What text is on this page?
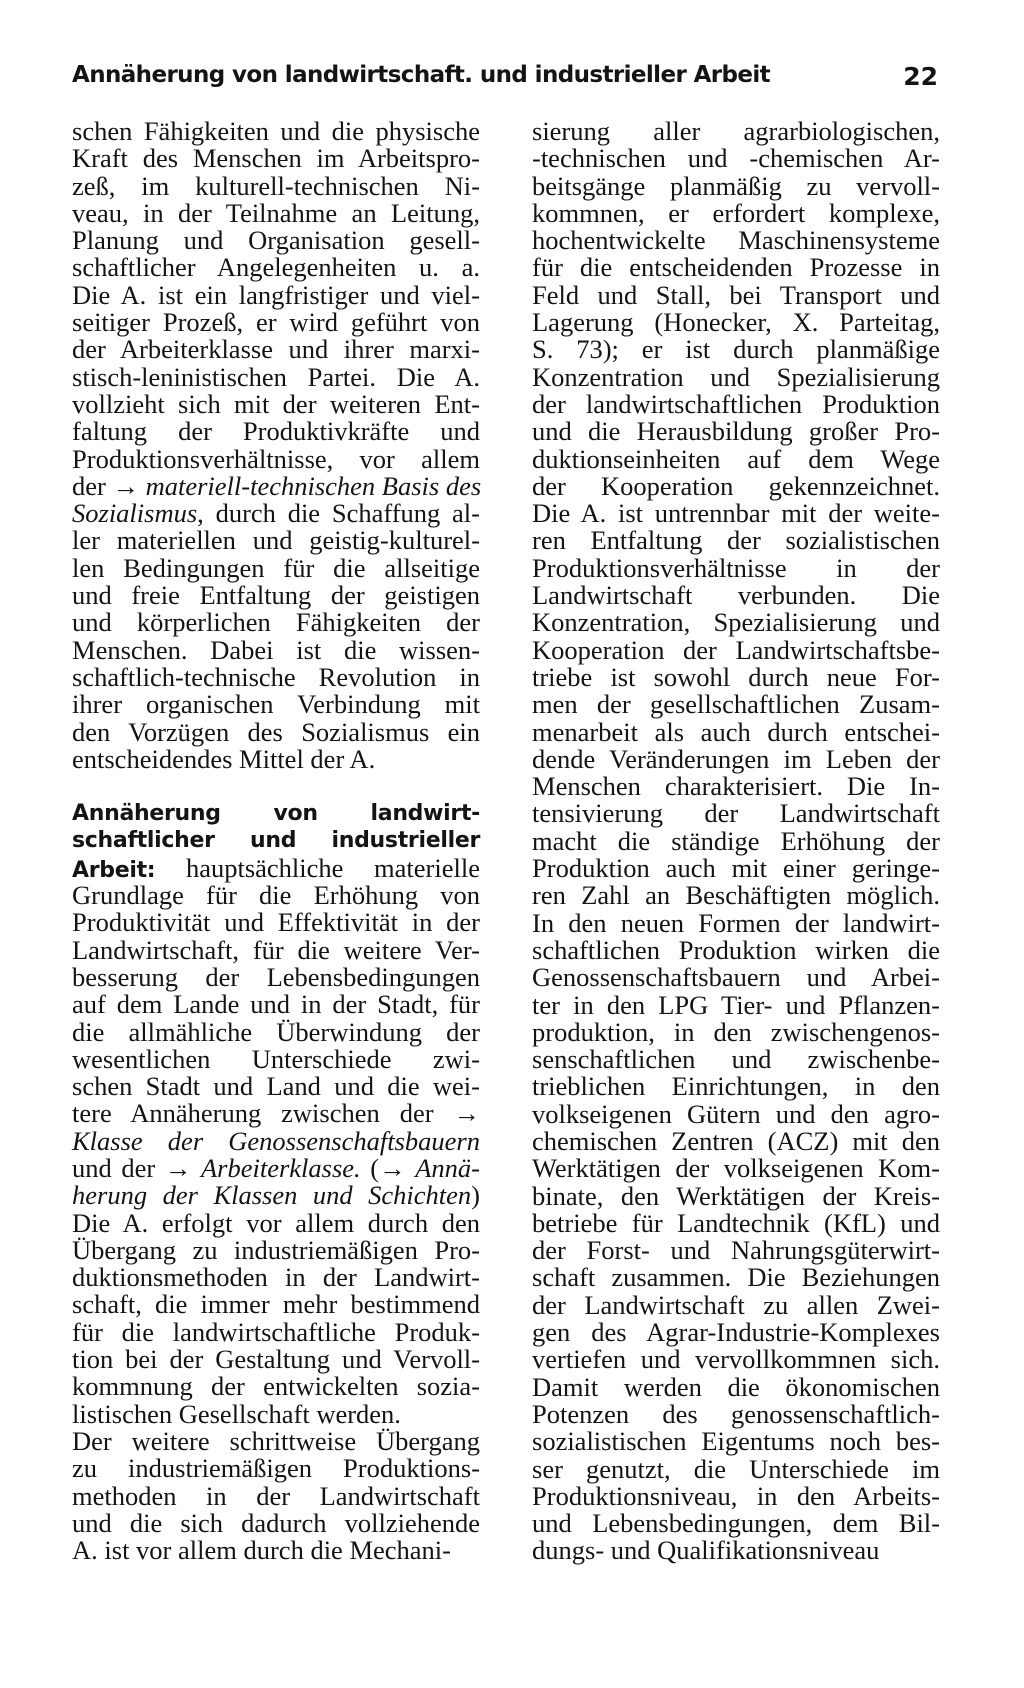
Annäherung von landwirtschaft. und industrieller Arbeit	22
schen Fähigkeiten und die physische
Kraft des Menschen im Arbeitspro-
zeß, im kulturell-technischen Ni-
veau, in der Teilnahme an Leitung,
Planung und Organisation gesell-
schaftlicher Angelegenheiten u. a.
Die A. ist ein langfristiger und viel-
seitiger Prozeß, er wird geführt von
der Arbeiterklasse und ihrer marxi-
stisch-leninistischen Partei. Die A.
vollzieht sich mit der weiteren Ent-
faltung der Produktivkräfte und
Produktionsverhältnisse, vor allem
der → materiell-technischen Basis des
Sozialismus, durch die Schaffung al-
ler materiellen und geistig-kulturel-
len Bedingungen für die allseitige
und freie Entfaltung der geistigen
und körperlichen Fähigkeiten der
Menschen. Dabei ist die wissen-
schaftlich-technische Revolution in
ihrer organischen Verbindung mit
den Vorzügen des Sozialismus ein
entscheidendes Mittel der A.
Annäherung von landwirt-
schaftlicher und industrieller
Arbeit: hauptsächliche materielle
Grundlage für die Erhöhung von
Produktivität und Effektivität in der
Landwirtschaft, für die weitere Ver-
besserung der Lebensbedingungen
auf dem Lande und in der Stadt, für
die allmähliche Überwindung der
wesentlichen Unterschiede zwi-
schen Stadt und Land und die wei-
tere Annäherung zwischen der →
Klasse der Genossenschaftsbauern
und der → Arbeiterklasse. (→ Annä-
herung der Klassen und Schichten)
Die A. erfolgt vor allem durch den
Übergang zu industriemäßigen Pro-
duktionsmethoden in der Landwirt-
schaft, die immer mehr bestimmend
für die landwirtschaftliche Produk-
tion bei der Gestaltung und Vervoll-
kommnung der entwickelten sozia-
listischen Gesellschaft werden.
Der weitere schrittweise Übergang
zu industriemäßigen Produktions-
methoden in der Landwirtschaft
und die sich dadurch vollziehende
A. ist vor allem durch die Mechani-
sierung aller agrarbiologischen,
-technischen und -chemischen Ar-
beitsgänge planmäßig zu vervoll-
kommnen, er erfordert komplexe,
hochentwickelte Maschinensysteme
für die entscheidenden Prozesse in
Feld und Stall, bei Transport und
Lagerung (Honecker, X. Parteitag,
S. 73); er ist durch planmäßige
Konzentration und Spezialisierung
der landwirtschaftlichen Produktion
und die Herausbildung großer Pro-
duktionseinheiten auf dem Wege
der Kooperation gekennzeichnet.
Die A. ist untrennbar mit der weite-
ren Entfaltung der sozialistischen
Produktionsverhältnisse in der
Landwirtschaft verbunden. Die
Konzentration, Spezialisierung und
Kooperation der Landwirtschaftsbe-
triebe ist sowohl durch neue For-
men der gesellschaftlichen Zusam-
menarbeit als auch durch entschei-
dende Veränderungen im Leben der
Menschen charakterisiert. Die In-
tensivierung der Landwirtschaft
macht die ständige Erhöhung der
Produktion auch mit einer geringe-
ren Zahl an Beschäftigten möglich.
In den neuen Formen der landwirt-
schaftlichen Produktion wirken die
Genossenschaftsbauern und Arbei-
ter in den LPG Tier- und Pflanzen-
produktion, in den zwischengenos-
senschaftlichen und zwischenbe-
trieblichen Einrichtungen, in den
volkseigenen Gütern und den agro-
chemischen Zentren (ACZ) mit den
Werktätigen der volkseigenen Kom-
binate, den Werktätigen der Kreis-
betriebe für Landtechnik (KfL) und
der Forst- und Nahrungsgüterwirt-
schaft zusammen. Die Beziehungen
der Landwirtschaft zu allen Zwei-
gen des Agrar-Industrie-Komplexes
vertiefen und vervollkommnen sich.
Damit werden die ökonomischen
Potenzen des genossenschaftlich-
sozialistischen Eigentums noch bes-
ser genutzt, die Unterschiede im
Produktionsniveau, in den Arbeits-
und Lebensbedingungen, dem Bil-
dungs- und Qualifikationsniveau
